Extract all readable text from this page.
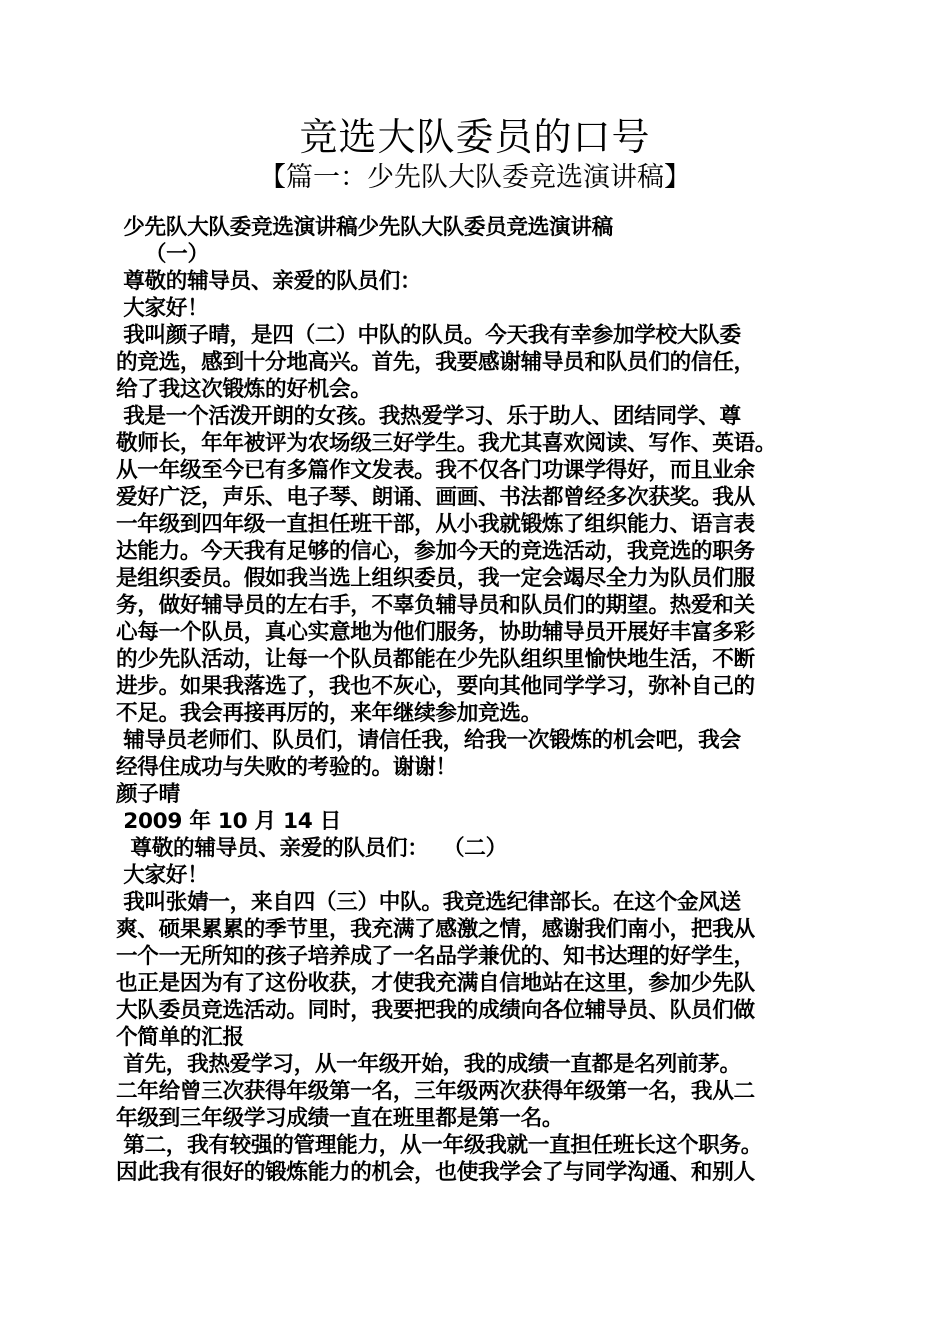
竞选大队委员的口号
【篇一：少先队大队委竞选演讲稿】

少先队大队委竞选演讲稿少先队大队委员竞选演讲稿

（一）

尊敬的辅导员、亲爱的队员们：

大家好！

我叫颜子晴，是四（二）中队的队员。今天我有幸参加学校大队委

的竞选，感到十分地高兴。首先，我要感谢辅导员和队员们的信任，

给了我这次锻炼的好机会。

我是一个活泼开朗的女孩。我热爱学习、乐于助人、团结同学、尊

敬师长，年年被评为农场级三好学生。我尤其喜欢阅读、写作、英语。

从一年级至今已有多篇作文发表。我不仅各门功课学得好，而且业余

爱好广泛，声乐、电子琴、朗诵、画画、书法都曾经多次获奖。我从

一年级到四年级一直担任班干部，从小我就锻炼了组织能力、语言表

达能力。今天我有足够的信心，参加今天的竞选活动，我竞选的职务

是组织委员。假如我当选上组织委员，我一定会竭尽全力为队员们服

务，做好辅导员的左右手，不辜负辅导员和队员们的期望。热爱和关

心每一个队员，真心实意地为他们服务，协助辅导员开展好丰富多彩

的少先队活动，让每一个队员都能在少先队组织里愉快地生活，不断

进步。如果我落选了，我也不灰心，要向其他同学学习，弥补自己的

不足。我会再接再厉的，来年继续参加竞选。

辅导员老师们、队员们，请信任我，给我一次锻炼的机会吧，我会

经得住成功与失败的考验的。谢谢！

颜子晴

2009 年 10 月 14 日

尊敬的辅导员、亲爱的队员们：  （二）

大家好！

我叫张婧一，来自四（三）中队。我竞选纪律部长。在这个金风送

爽、硕果累累的季节里，我充满了感激之情，感谢我们南小，把我从

一个一无所知的孩子培养成了一名品学兼优的、知书达理的好学生，

也正是因为有了这份收获，才使我充满自信地站在这里，参加少先队

大队委员竞选活动。同时，我要把我的成绩向各位辅导员、队员们做

个简单的汇报

首先，我热爱学习，从一年级开始，我的成绩一直都是名列前茅。

二年给曾三次获得年级第一名，三年级两次获得年级第一名，我从二

年级到三年级学习成绩一直在班里都是第一名。

第二，我有较强的管理能力，从一年级我就一直担任班长这个职务。

因此我有很好的锻炼能力的机会，也使我学会了与同学沟通、和别人
